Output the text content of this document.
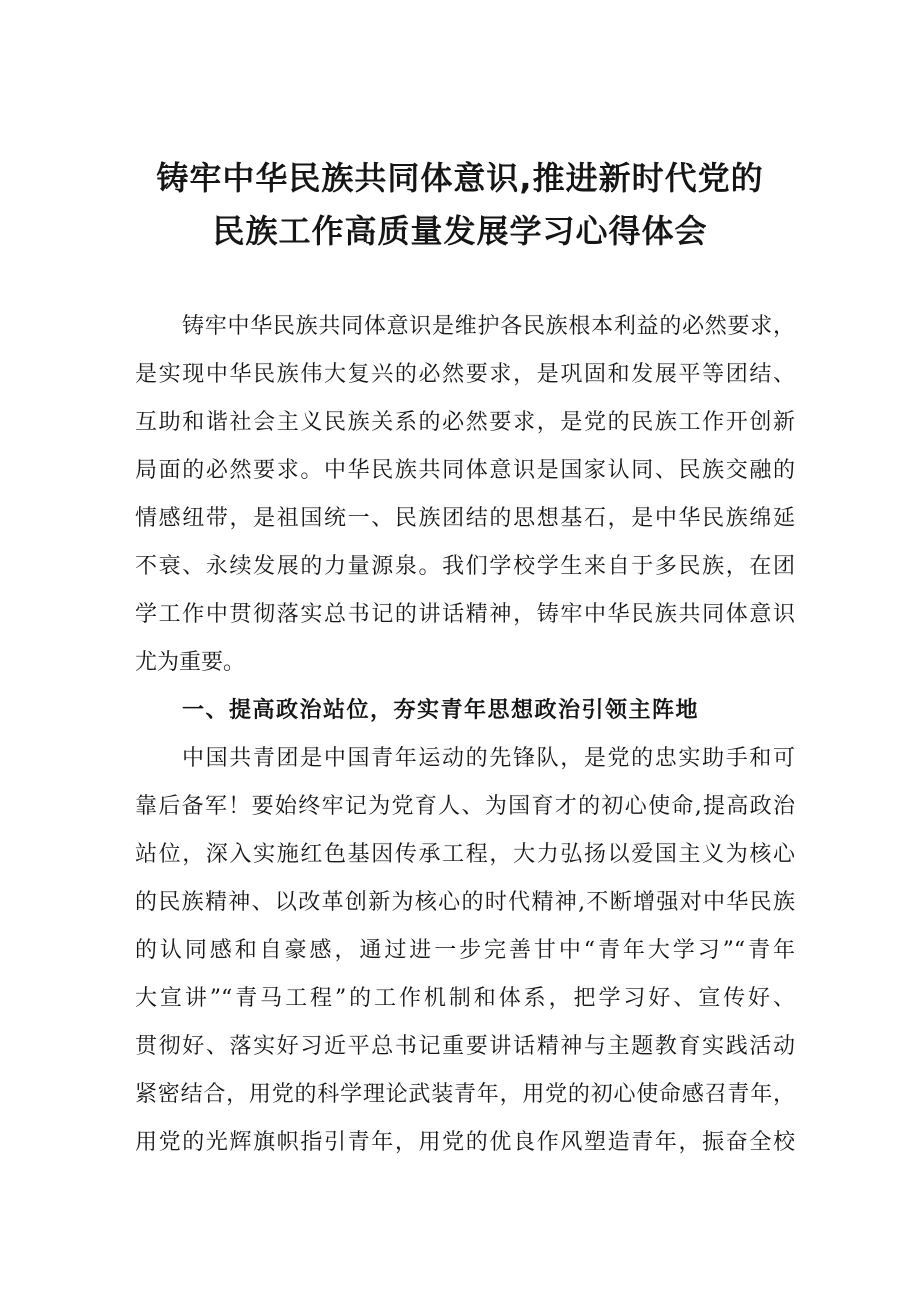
铸牢中华民族共同体意识,推进新时代党的
民族工作高质量发展学习心得体会
铸牢中华民族共同体意识是维护各民族根本利益的必然要求，
是实现中华民族伟大复兴的必然要求，是巩固和发展平等团结、
互助和谐社会主义民族关系的必然要求，是党的民族工作开创新
局面的必然要求。中华民族共同体意识是国家认同、民族交融的
情感纽带，是祖国统一、民族团结的思想基石，是中华民族绵延
不衰、永续发展的力量源泉。我们学校学生来自于多民族，在团
学工作中贯彻落实总书记的讲话精神，铸牢中华民族共同体意识
尤为重要。
一、提高政治站位，夯实青年思想政治引领主阵地
中国共青团是中国青年运动的先锋队，是党的忠实助手和可
靠后备军！要始终牢记为党育人、为国育才的初心使命,提高政治
站位，深入实施红色基因传承工程，大力弘扬以爱国主义为核心
的民族精神、以改革创新为核心的时代精神,不断增强对中华民族
的认同感和自豪感，通过进一步完善甘中“青年大学习”“青年
大宣讲”“青马工程”的工作机制和体系，把学习好、宣传好、
贯彻好、落实好习近平总书记重要讲话精神与主题教育实践活动
紧密结合，用党的科学理论武装青年，用党的初心使命感召青年，
用党的光辉旗帜指引青年，用党的优良作风塑造青年，振奋全校
